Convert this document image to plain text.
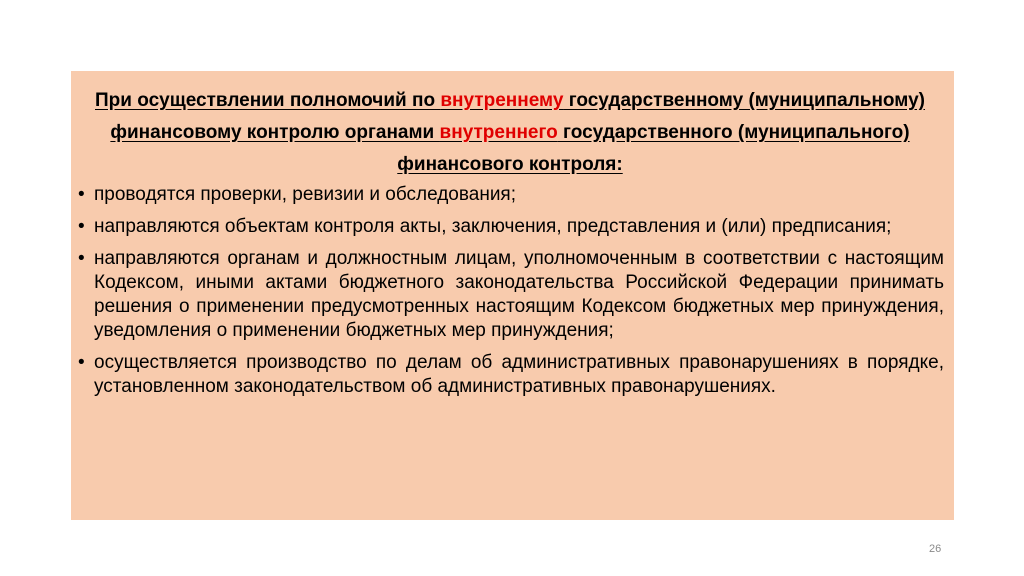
При осуществлении полномочий по внутреннему государственному (муниципальному) финансовому контролю органами внутреннего государственного (муниципального) финансового контроля:
• проводятся проверки, ревизии и обследования;
• направляются объектам контроля акты, заключения, представления и (или) предписания;
• направляются органам и должностным лицам, уполномоченным в соответствии с настоящим Кодексом, иными актами бюджетного законодательства Российской Федерации принимать решения о применении предусмотренных настоящим Кодексом бюджетных мер принуждения, уведомления о применении бюджетных мер принуждения;
• осуществляется производство по делам об административных правонарушениях в порядке, установленном законодательством об административных правонарушениях.
26
